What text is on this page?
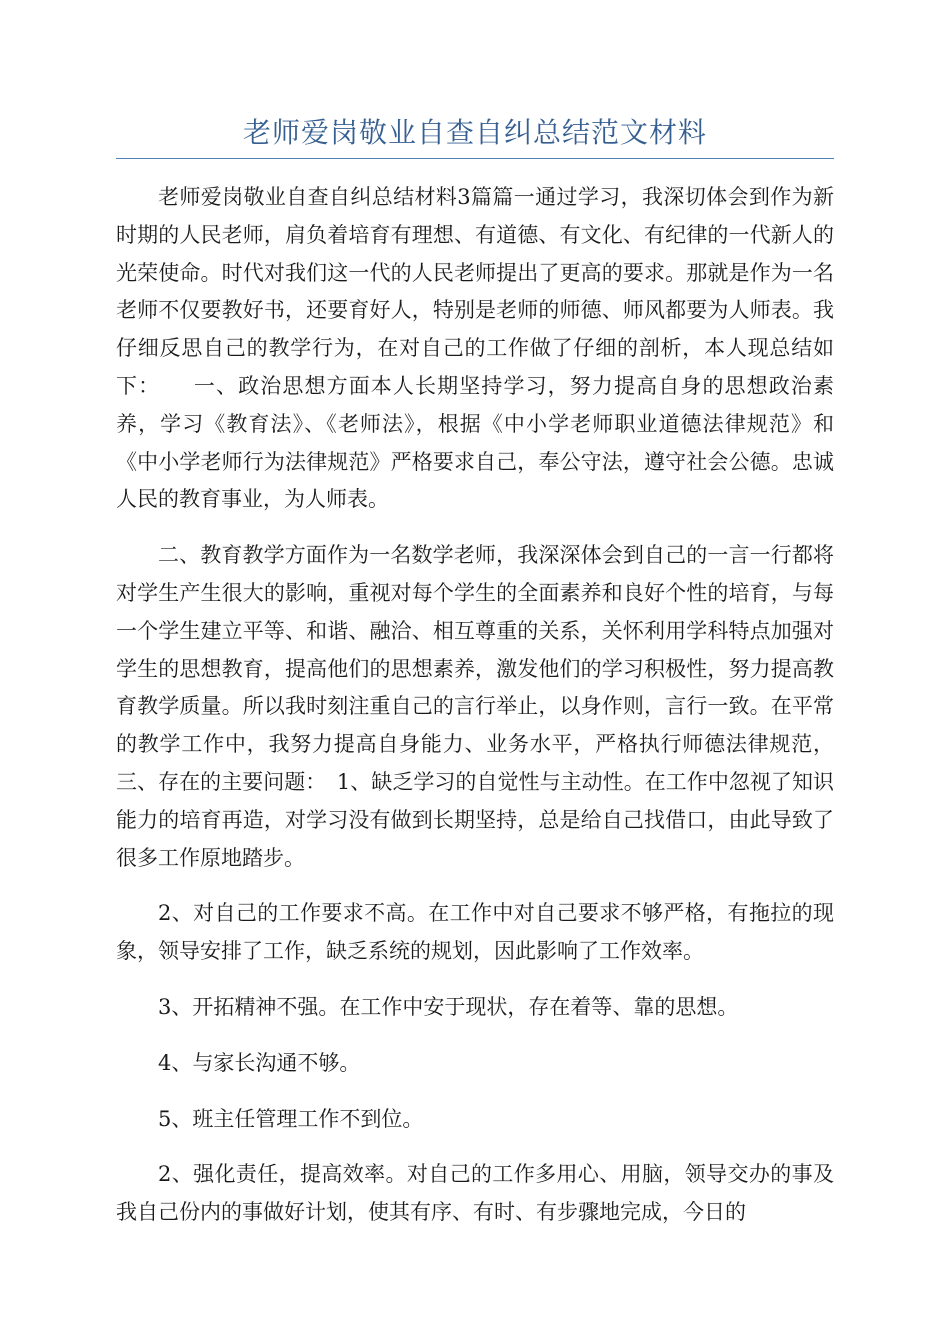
老师爱岗敬业自查自纠总结范文材料

老师爱岗敬业自查自纠总结材料3篇篇一通过学习，我深切体会到作为新时期的人民老师，肩负着培育有理想、有道德、有文化、有纪律的一代新人的光荣使命。时代对我们这一代的人民老师提出了更高的要求。那就是作为一名老师不仅要教好书，还要育好人，特别是老师的师德、师风都要为人师表。我仔细反思自己的教学行为，在对自己的工作做了仔细的剖析，本人现总结如下：　　一、政治思想方面本人长期坚持学习，努力提高自身的思想政治素养，学习《教育法》、《老师法》，根据《中小学老师职业道德法律规范》和《中小学老师行为法律规范》严格要求自己，奉公守法，遵守社会公德。忠诚人民的教育事业，为人师表。

二、教育教学方面作为一名数学老师，我深深体会到自己的一言一行都将对学生产生很大的影响，重视对每个学生的全面素养和良好个性的培育，与每一个学生建立平等、和谐、融洽、相互尊重的关系，关怀利用学科特点加强对学生的思想教育，提高他们的思想素养，激发他们的学习积极性，努力提高教育教学质量。所以我时刻注重自己的言行举止，以身作则，言行一致。在平常的教学工作中，我努力提高自身能力、业务水平，严格执行师德法律规范，三、存在的主要问题：　1、缺乏学习的自觉性与主动性。在工作中忽视了知识能力的培育再造，对学习没有做到长期坚持，总是给自己找借口，由此导致了很多工作原地踏步。

2、对自己的工作要求不高。在工作中对自己要求不够严格，有拖拉的现象，领导安排了工作，缺乏系统的规划，因此影响了工作效率。

3、开拓精神不强。在工作中安于现状，存在着等、靠的思想。

4、与家长沟通不够。

5、班主任管理工作不到位。

2、强化责任，提高效率。对自己的工作多用心、用脑，领导交办的事及我自己份内的事做好计划，使其有序、有时、有步骤地完成，今日的
